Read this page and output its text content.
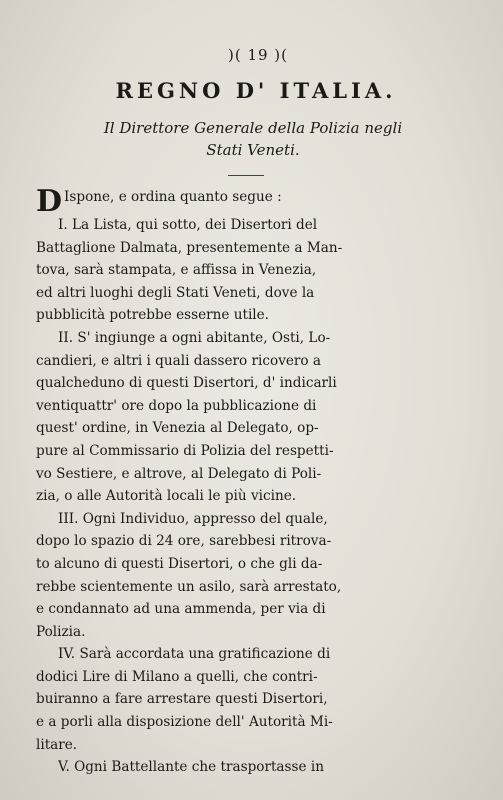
)( 19 )(
REGNO D' ITALIA.
Il Direttore Generale della Polizia negli
Stati Veneti.
D Ispone, e ordina quanto segue :
I. La Lista, qui sotto, dei Disertori del
Battaglione Dalmata, presentemente a Man-
tova, sarà stampata, e affissa in Venezia,
ed altri luoghi degli Stati Veneti, dove la
pubblicità potrebbe esserne utile.
II. S' ingiunge a ogni abitante, Osti, Lo-
candieri, e altri i quali dassero ricovero a
qualcheduno di questi Disertori, d' indicarli
ventiquattr' ore dopo la pubblicazione di
quest' ordine, in Venezia al Delegato, op-
pure al Commissario di Polizia del respetti-
vo Sestiere, e altrove, al Delegato di Poli-
zia, o alle Autorità locali le più vicine.
III. Ogni Individuo, appresso del quale,
dopo lo spazio di 24 ore, sarebbesi ritrova-
to alcuno di questi Disertori, o che gli da-
rebbe scientemente un asilo, sarà arrestato,
e condannato ad una ammenda, per via di
Polizia.
IV. Sarà accordata una gratificazione di
dodici Lire di Milano a quelli, che contri-
buiranno a fare arrestare questi Disertori,
e a porli alla disposizione dell' Autorità Mi-
litare.
V. Ogni Battellante che trasportasse in
